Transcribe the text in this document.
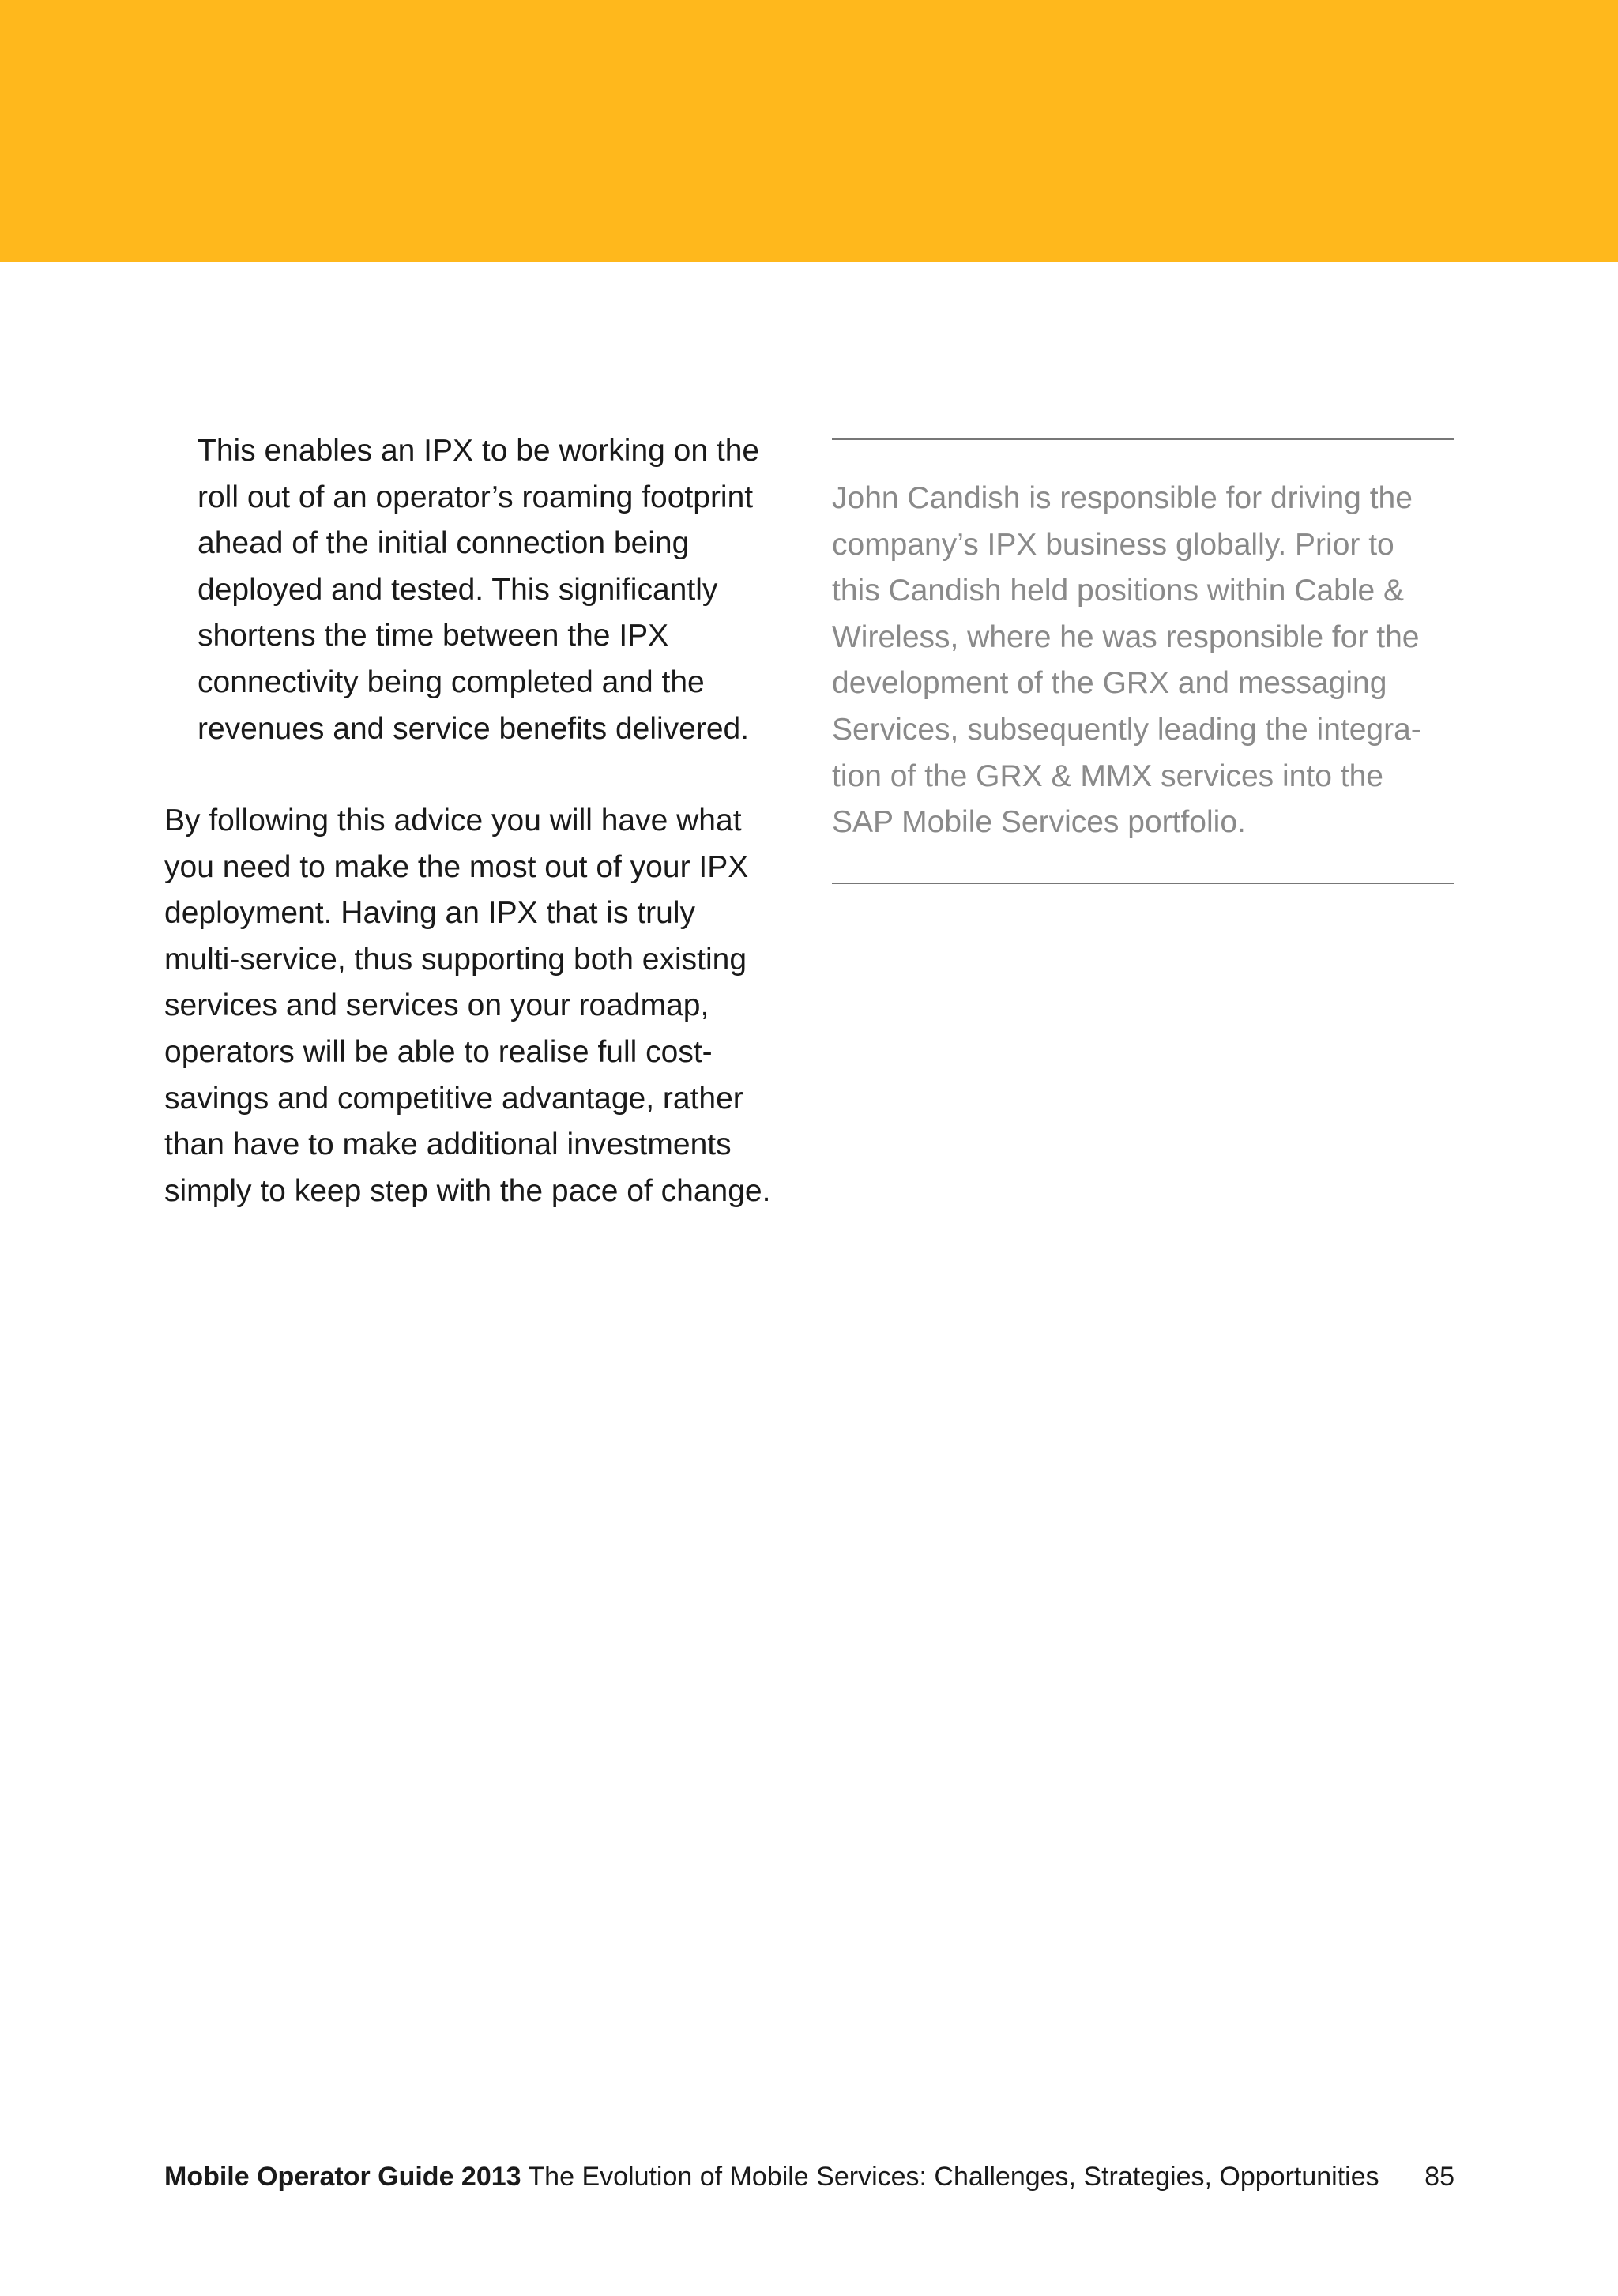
This enables an IPX to be working on the
roll out of an operator’s roaming footprint
ahead of the initial connection being
deployed and tested. This significantly
shortens the time between the IPX
connectivity being completed and the
revenues and service benefits delivered.

By following this advice you will have what
you need to make the most out of your IPX
deployment. Having an IPX that is truly
multi-service, thus supporting both existing
services and services on your roadmap,
operators will be able to realise full cost-
savings and competitive advantage, rather
than have to make additional investments
simply to keep step with the pace of change.

John Candish is responsible for driving the
company’s IPX business globally. Prior to
this Candish held positions within Cable &
Wireless, where he was responsible for the
development of the GRX and messaging
Services, subsequently leading the integra-
tion of the GRX & MMX services into the
SAP Mobile Services portfolio.

Mobile Operator Guide 2013 The Evolution of Mobile Services: Challenges, Strategies, Opportunities 85
